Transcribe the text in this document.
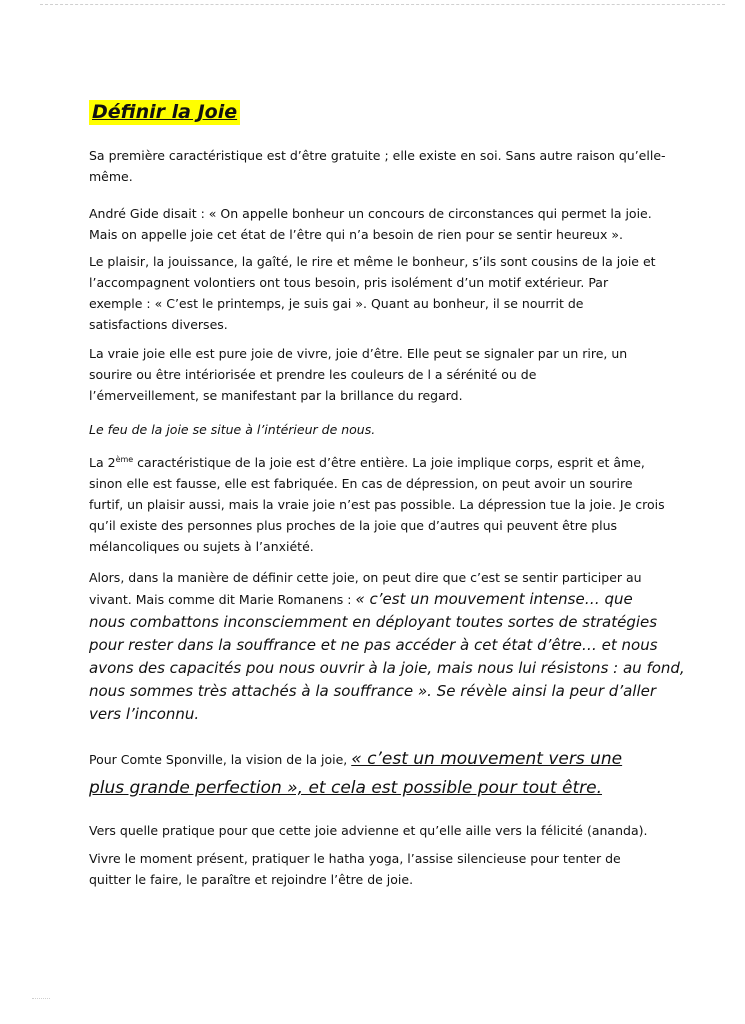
Définir la Joie

Sa première caractéristique est d’être gratuite ; elle existe en soi. Sans autre raison qu’elle-
même.

André Gide disait : « On appelle bonheur un concours de circonstances qui permet la joie.
Mais on appelle joie cet état de l’être qui n’a besoin de rien pour se sentir heureux ».

Le plaisir, la jouissance, la gaîté, le rire et même le bonheur, s’ils sont cousins de la joie et
l’accompagnent volontiers ont tous besoin, pris isolément d’un motif extérieur. Par
exemple : « C’est le printemps, je suis gai ». Quant au bonheur, il se nourrit de
satisfactions diverses.

La vraie joie elle est pure joie de vivre, joie d’être. Elle peut se signaler par un rire, un
sourire ou être intériorisée et prendre les couleurs de l a sérénité ou de
l’émerveillement, se manifestant par la brillance du regard.

Le feu de la joie se situe à l’intérieur de nous.

La 2ème caractéristique de la joie est d’être entière. La joie implique corps, esprit et âme,
sinon elle est fausse, elle est fabriquée. En cas de dépression, on peut avoir un sourire
furtif, un plaisir aussi, mais la vraie joie n’est pas possible. La dépression tue la joie. Je crois
qu’il existe des personnes plus proches de la joie que d’autres qui peuvent être plus
mélancoliques ou sujets à l’anxiété.

Alors, dans la manière de définir cette joie, on peut dire que c’est se sentir participer au
vivant. Mais comme dit Marie Romanens : « c’est un mouvement intense… que
nous combattons inconsciemment en déployant toutes sortes de stratégies
pour rester dans la souffrance et ne pas accéder à cet état d’être… et nous
avons des capacités pou nous ouvrir à la joie, mais nous lui résistons : au fond,
nous sommes très attachés à la souffrance ». Se révèle ainsi la peur d’aller
vers l’inconnu.

Pour Comte Sponville, la vision de la joie, « c’est un mouvement vers une
plus grande perfection », et cela est possible pour tout être.

Vers quelle pratique pour que cette joie advienne et qu’elle aille vers la félicité (ananda).

Vivre le moment présent, pratiquer le hatha yoga, l’assise silencieuse pour tenter de
quitter le faire, le paraître et rejoindre l’être de joie.
